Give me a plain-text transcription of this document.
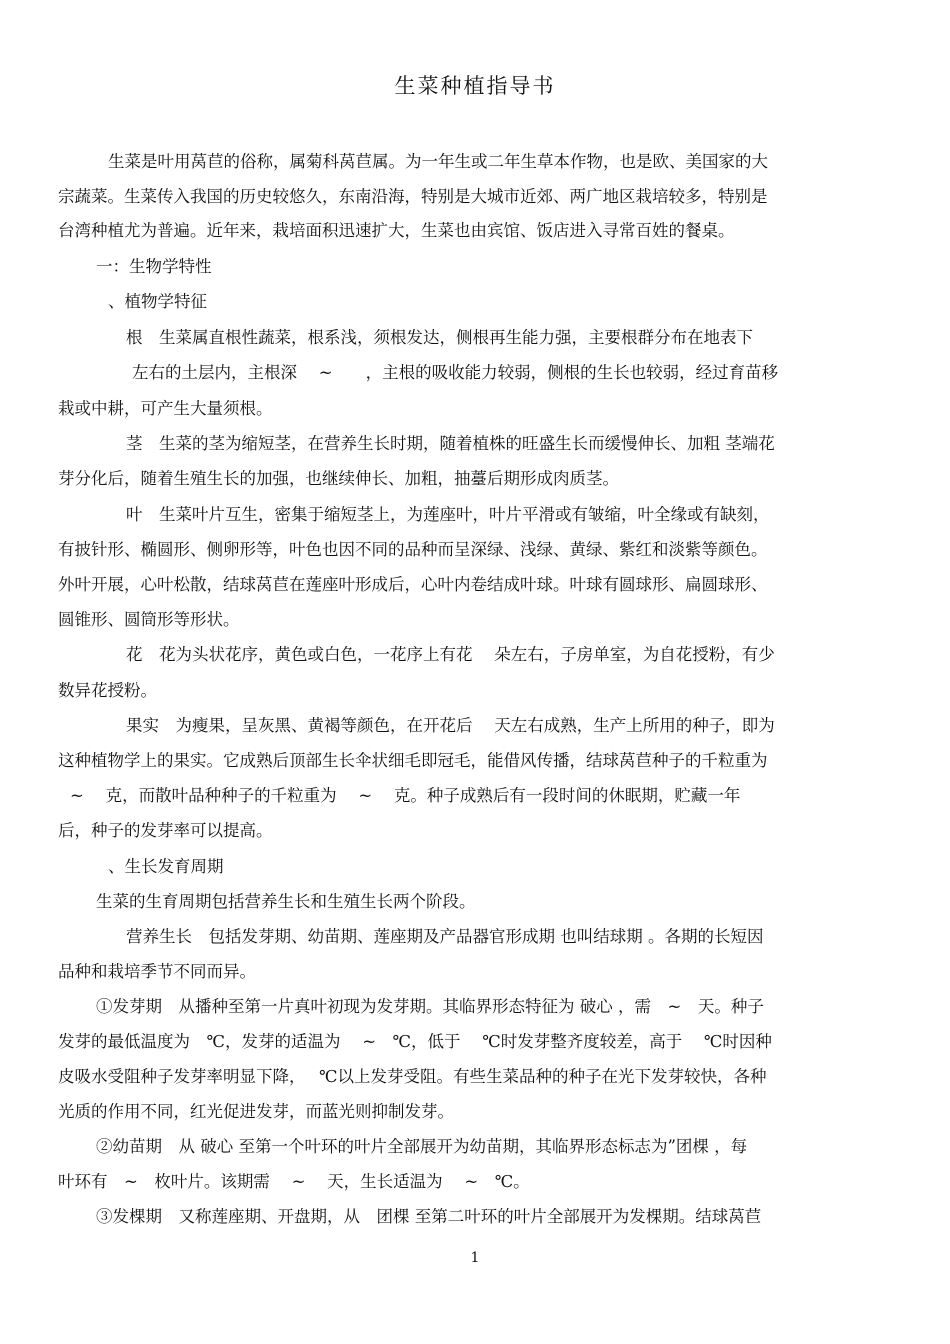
生菜种植指导书
生菜是叶用莴苣的俗称，属菊科莴苣属。为一年生或二年生草本作物，也是欧、美国家的大
宗蔬菜。生菜传入我国的历史较悠久，东南沿海，特别是大城市近郊、两广地区栽培较多，特别是
台湾种植尤为普遍。近年来，栽培面积迅速扩大，生菜也由宾馆、饭店进入寻常百姓的餐桌。
一：生物学特性
、植物学特征
根　生菜属直根性蔬菜，根系浅，须根发达，侧根再生能力强，主要根群分布在地表下
左右的土层内，主根深　 ~　　，主根的吸收能力较弱，侧根的生长也较弱，经过育苗移
栽或中耕，可产生大量须根。
茎　生菜的茎为缩短茎，在营养生长时期，随着植株的旺盛生长而缓慢伸长、加粗 茎端花
芽分化后，随着生殖生长的加强，也继续伸长、加粗，抽薹后期形成肉质茎。
叶　生菜叶片互生，密集于缩短茎上，为莲座叶，叶片平滑或有皱缩，叶全缘或有缺刻，
有披针形、椭圆形、侧卵形等，叶色也因不同的品种而呈深绿、浅绿、黄绿、紫红和淡紫等颜色。
外叶开展，心叶松散，结球莴苣在莲座叶形成后，心叶内卷结成叶球。叶球有圆球形、扁圆球形、
圆锥形、圆筒形等形状。
花　花为头状花序，黄色或白色，一花序上有花　 朵左右，子房单室，为自花授粉，有少
数异花授粉。
果实　为瘦果，呈灰黑、黄褐等颜色，在开花后　 天左右成熟，生产上所用的种子，即为
这种植物学上的果实。它成熟后顶部生长伞状细毛即冠毛，能借风传播，结球莴苣种子的千粒重为
~　 克，而散叶品种种子的千粒重为　 ~　 克。种子成熟后有一段时间的休眠期，贮藏一年
后，种子的发芽率可以提高。
、生长发育周期
生菜的生育周期包括营养生长和生殖生长两个阶段。
营养生长　包括发芽期、幼苗期、莲座期及产品器官形成期 也叫结球期 。各期的长短因
品种和栽培季节不同而异。
①发芽期　从播种至第一片真叶初现为发芽期。其临界形态特征为 破心 ，需　~　天。种子
发芽的最低温度为　℃，发芽的适温为　 ~　℃，低于　 ℃时发芽整齐度较差，高于　 ℃时因种
皮吸水受阻种子发芽率明显下降，　 ℃以上发芽受阻。有些生菜品种的种子在光下发芽较快，各种
光质的作用不同，红光促进发芽，而蓝光则抑制发芽。
②幼苗期　从 破心 至第一个叶环的叶片全部展开为幼苗期，其临界形态标志为”团棵 ，每
叶环有　~　枚叶片。该期需　 ~　 天，生长适温为　 ~　℃。
③发棵期　又称莲座期、开盘期，从　团棵 至第二叶环的叶片全部展开为发棵期。结球莴苣
1
